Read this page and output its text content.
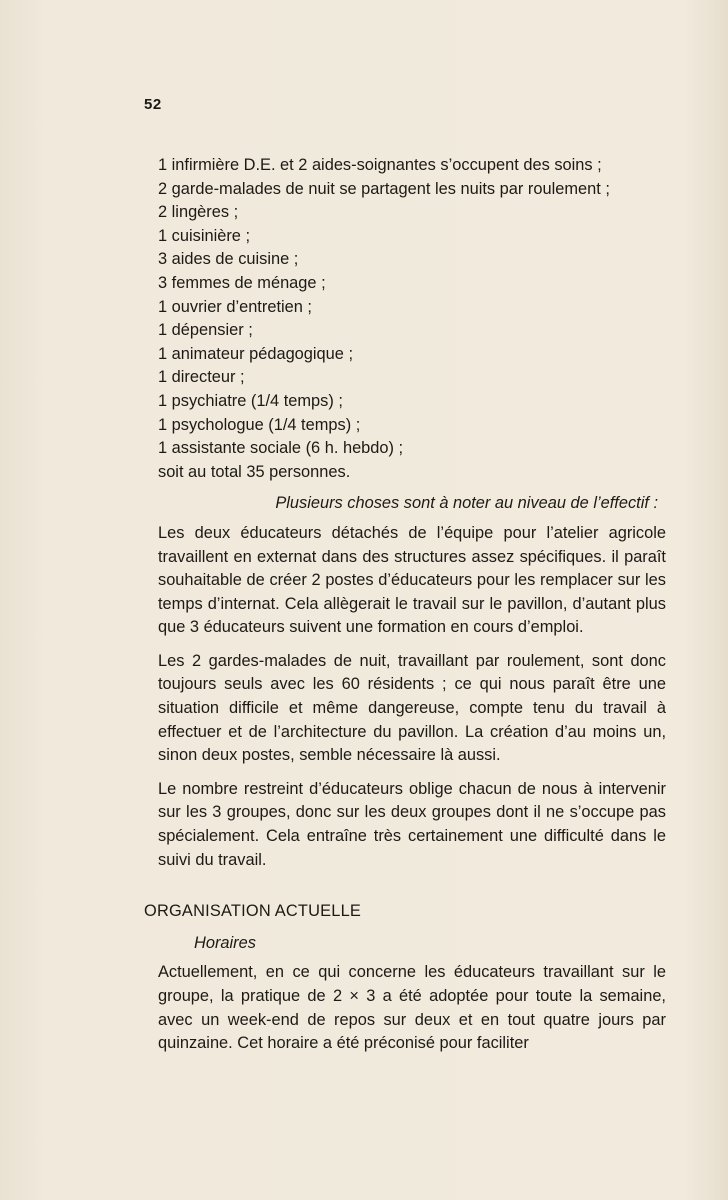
52
1 infirmière D.E. et 2 aides-soignantes s’occupent des soins ;
2 garde-malades de nuit se partagent les nuits par roulement ;
2 lingères ;
1 cuisinière ;
3 aides de cuisine ;
3 femmes de ménage ;
1 ouvrier d’entretien ;
1 dépensier ;
1 animateur pédagogique ;
1 directeur ;
1 psychiatre (1/4 temps) ;
1 psychologue (1/4 temps) ;
1 assistante sociale (6 h. hebdo) ;

soit au total 35 personnes.

Plusieurs choses sont à noter au niveau de l’effectif :

Les deux éducateurs détachés de l’équipe pour l’atelier agricole travaillent en externat dans des structures assez spécifiques. il paraît souhaitable de créer 2 postes d’éducateurs pour les remplacer sur les temps d’internat. Cela allègerait le travail sur le pavillon, d’autant plus que 3 éducateurs suivent une formation en cours d’emploi.

Les 2 gardes-malades de nuit, travaillant par roulement, sont donc toujours seuls avec les 60 résidents ; ce qui nous paraît être une situation difficile et même dangereuse, compte tenu du travail à effectuer et de l’architecture du pavillon. La création d’au moins un, sinon deux postes, semble nécessaire là aussi.

Le nombre restreint d’éducateurs oblige chacun de nous à intervenir sur les 3 groupes, donc sur les deux groupes dont il ne s’occupe pas spécialement. Cela entraîne très certainement une difficulté dans le suivi du travail.

ORGANISATION ACTUELLE
Horaires

Actuellement, en ce qui concerne les éducateurs travaillant sur le groupe, la pratique de 2 × 3 a été adoptée pour toute la semaine, avec un week-end de repos sur deux et en tout quatre jours par quinzaine. Cet horaire a été préconisé pour faciliter
